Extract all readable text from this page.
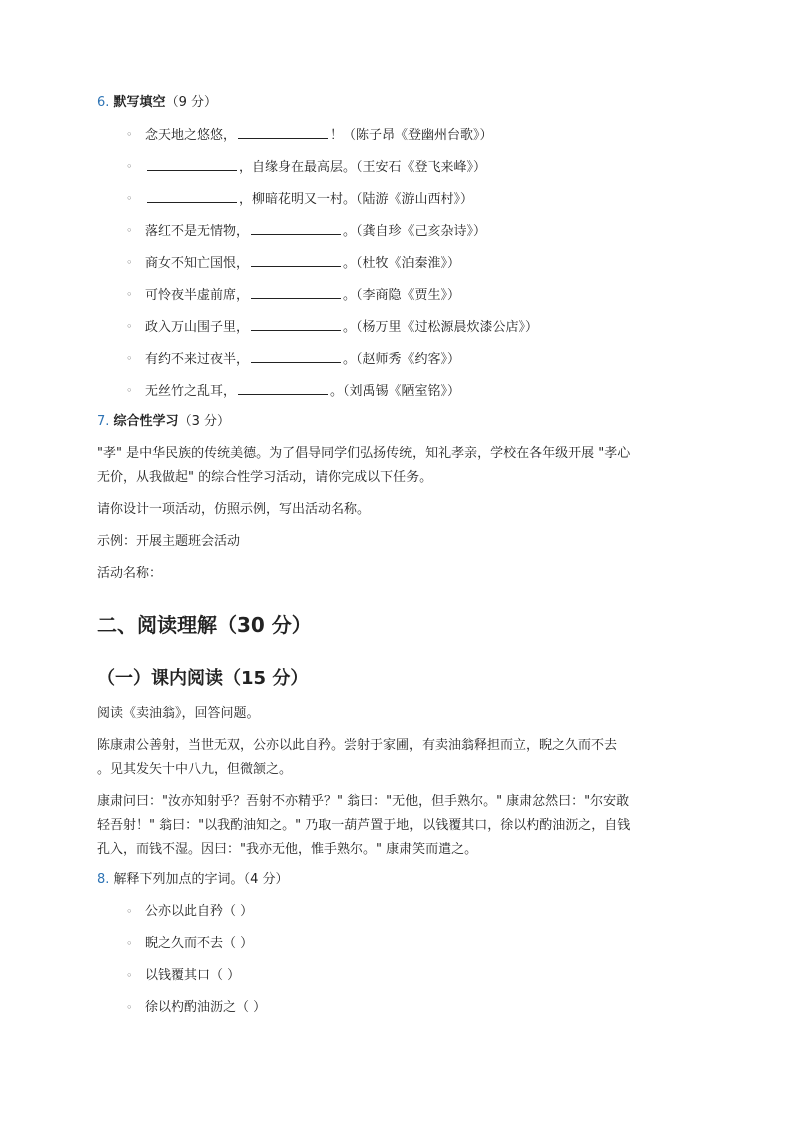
6. 默写填空（9 分）
◦ 念天地之悠悠，	！（陈子昂《登幽州台歌》）
◦	，自缘身在最高层。（王安石《登飞来峰》）
◦	，柳暗花明又一村。（陆游《游山西村》）
◦ 落红不是无情物，	。（龚自珍《己亥杂诗》）
◦ 商女不知亡国恨，	。（杜牧《泊秦淮》）
◦ 可怜夜半虚前席，	。（李商隐《贾生》）
◦ 政入万山围子里，	。（杨万里《过松源晨炊漆公店》）
◦ 有约不来过夜半，	。（赵师秀《约客》）
◦ 无丝竹之乱耳，	。（刘禹锡《陋室铭》）
7. 综合性学习（3 分）
"孝" 是中华民族的传统美德。为了倡导同学们弘扬传统，知礼孝亲，学校在各年级开展 "孝心
无价，从我做起" 的综合性学习活动，请你完成以下任务。
请你设计一项活动，仿照示例，写出活动名称。
示例：开展主题班会活动
活动名称：
二、阅读理解（30 分）
（一）课内阅读（15 分）
阅读《卖油翁》，回答问题。
陈康肃公善射，当世无双，公亦以此自矜。尝射于家圃，有卖油翁释担而立，睨之久而不去
。见其发矢十中八九，但微颔之。
康肃问曰："汝亦知射乎？吾射不亦精乎？" 翁曰："无他，但手熟尔。" 康肃忿然曰："尔安敢
轻吾射！" 翁曰："以我酌油知之。" 乃取一葫芦置于地，以钱覆其口，徐以杓酌油沥之，自钱
孔入，而钱不湿。因曰："我亦无他，惟手熟尔。" 康肃笑而遣之。
8. 解释下列加点的字词。（4 分）
◦ 公亦以此自矜（ ）
◦ 睨之久而不去（ ）
◦ 以钱覆其口（ ）
◦ 徐以杓酌油沥之（ ）
